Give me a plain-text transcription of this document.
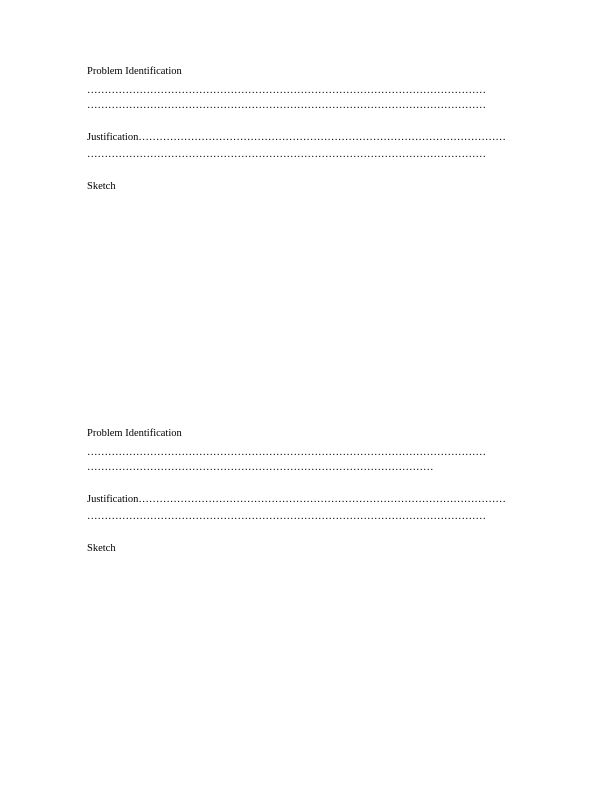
Problem Identification
……………………………………………………………………………………………………
……………………………………………………………………………………………………
Justification……………………………………………………………………………………………
……………………………………………………………………………………………………
Sketch
Problem Identification
……………………………………………………………………………………………………
………………………………………………………………………………………
Justification……………………………………………………………………………………………
……………………………………………………………………………………………………
Sketch
